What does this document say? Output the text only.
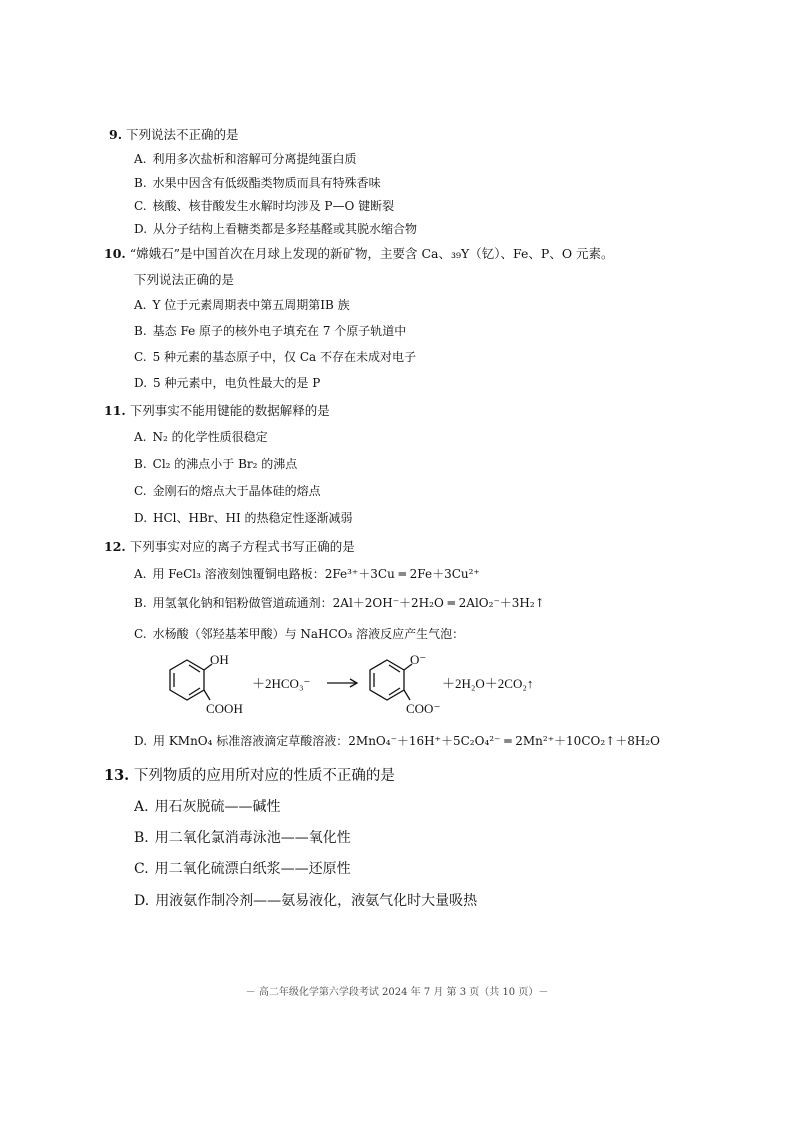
9. 下列说法不正确的是

A. 利用多次盐析和溶解可分离提纯蛋白质

B. 水果中因含有低级酯类物质而具有特殊香味

C. 核酸、核苷酸发生水解时均涉及 P—O 键断裂

D. 从分子结构上看糖类都是多羟基醛或其脱水缩合物

10. “嫦娥石”是中国首次在月球上发现的新矿物，主要含 Ca、₃₉Y（钇）、Fe、P、O 元素。

下列说法正确的是

A. Y 位于元素周期表中第五周期第ⅠB 族

B. 基态 Fe 原子的核外电子填充在 7 个原子轨道中

C. 5 种元素的基态原子中，仅 Ca 不存在未成对电子

D. 5 种元素中，电负性最大的是 P

11. 下列事实不能用键能的数据解释的是

A. N₂ 的化学性质很稳定

B. Cl₂ 的沸点小于 Br₂ 的沸点

C. 金刚石的熔点大于晶体硅的熔点

D. HCl、HBr、HI 的热稳定性逐渐减弱

12. 下列事实对应的离子方程式书写正确的是

A. 用 FeCl₃ 溶液刻蚀覆铜电路板：2Fe³⁺＋3Cu ═ 2Fe＋3Cu²⁺

B. 用氢氧化钠和铝粉做管道疏通剂：2Al＋2OH⁻＋2H₂O ═ 2AlO₂⁻＋3H₂↑

C. 水杨酸（邻羟基苯甲酸）与 NaHCO₃ 溶液反应产生气泡：

OH
COOH
＋2HCO₃⁻
O⁻
COO⁻
＋2H₂O＋2CO₂↑

D. 用 KMnO₄ 标准溶液滴定草酸溶液：2MnO₄⁻＋16H⁺＋5C₂O₄²⁻ ═ 2Mn²⁺＋10CO₂↑＋8H₂O

13. 下列物质的应用所对应的性质不正确的是

A. 用石灰脱硫——碱性

B. 用二氧化氯消毒泳池——氧化性

C. 用二氧化硫漂白纸浆——还原性

D. 用液氨作制冷剂——氨易液化，液氨气化时大量吸热

－ 高二年级化学第六学段考试 2024 年 7 月 第 3 页（共 10 页）－
